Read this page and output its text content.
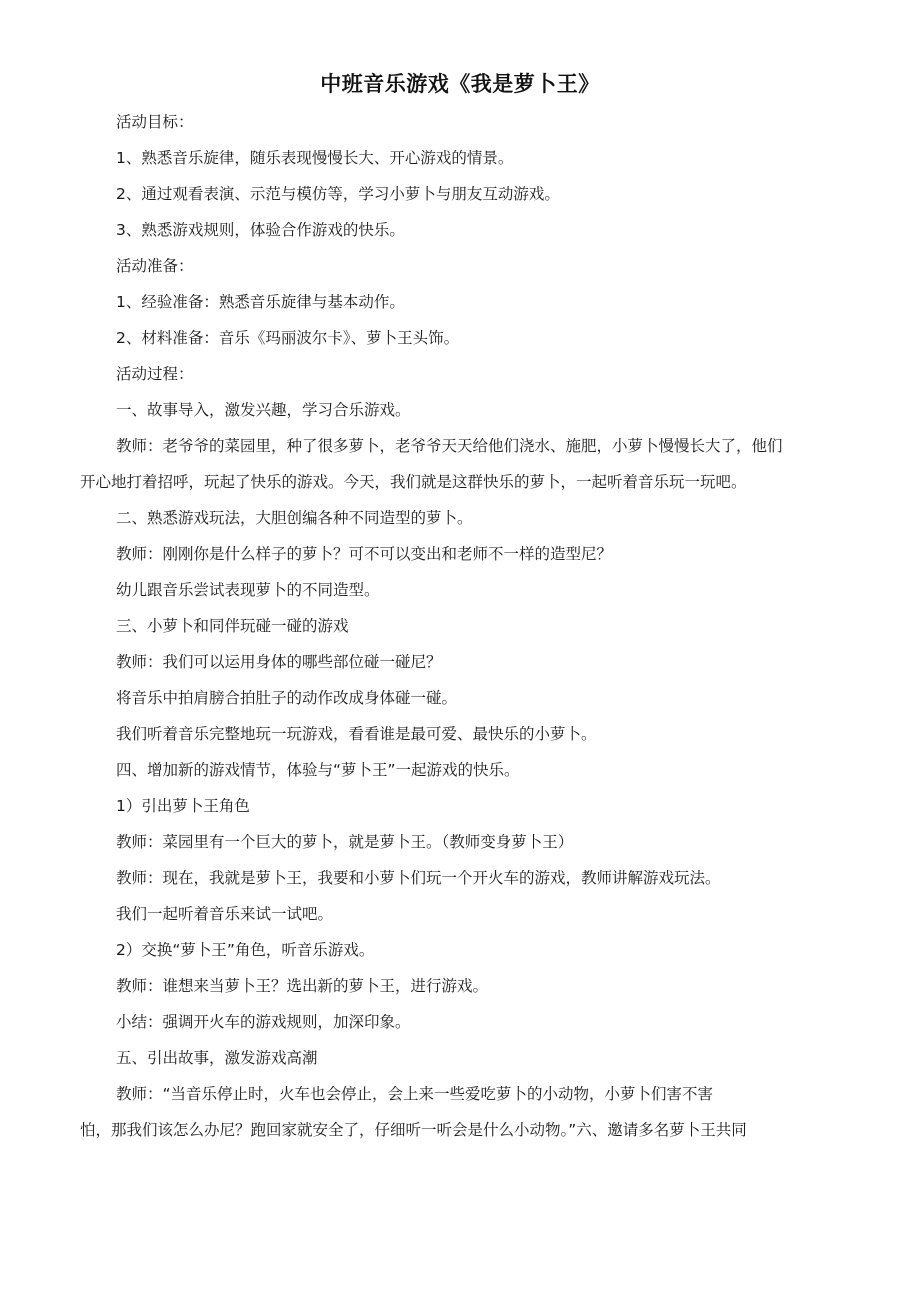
中班音乐游戏《我是萝卜王》
活动目标：
1、熟悉音乐旋律，随乐表现慢慢长大、开心游戏的情景。
2、通过观看表演、示范与模仿等，学习小萝卜与朋友互动游戏。
3、熟悉游戏规则，体验合作游戏的快乐。
活动准备：
1、经验准备：熟悉音乐旋律与基本动作。
2、材料准备：音乐《玛丽波尔卡》、萝卜王头饰。
活动过程：
一、故事导入，激发兴趣，学习合乐游戏。
教师：老爷爷的菜园里，种了很多萝卜，老爷爷天天给他们浇水、施肥，小萝卜慢慢长大了，他们
开心地打着招呼，玩起了快乐的游戏。今天，我们就是这群快乐的萝卜，一起听着音乐玩一玩吧。
二、熟悉游戏玩法，大胆创编各种不同造型的萝卜。
教师：刚刚你是什么样子的萝卜？可不可以变出和老师不一样的造型尼？
幼儿跟音乐尝试表现萝卜的不同造型。
三、小萝卜和同伴玩碰一碰的游戏
教师：我们可以运用身体的哪些部位碰一碰尼？
将音乐中拍肩膀合拍肚子的动作改成身体碰一碰。
我们听着音乐完整地玩一玩游戏，看看谁是最可爱、最快乐的小萝卜。
四、增加新的游戏情节，体验与“萝卜王”一起游戏的快乐。
1）引出萝卜王角色
教师：菜园里有一个巨大的萝卜，就是萝卜王。（教师变身萝卜王）
教师：现在，我就是萝卜王，我要和小萝卜们玩一个开火车的游戏，教师讲解游戏玩法。
我们一起听着音乐来试一试吧。
2）交换“萝卜王”角色，听音乐游戏。
教师：谁想来当萝卜王？选出新的萝卜王，进行游戏。
小结：强调开火车的游戏规则，加深印象。
五、引出故事，激发游戏高潮
教师：“当音乐停止时，火车也会停止，会上来一些爱吃萝卜的小动物，小萝卜们害不害
怕，那我们该怎么办尼？跑回家就安全了，仔细听一听会是什么小动物。”六、邀请多名萝卜王共同
